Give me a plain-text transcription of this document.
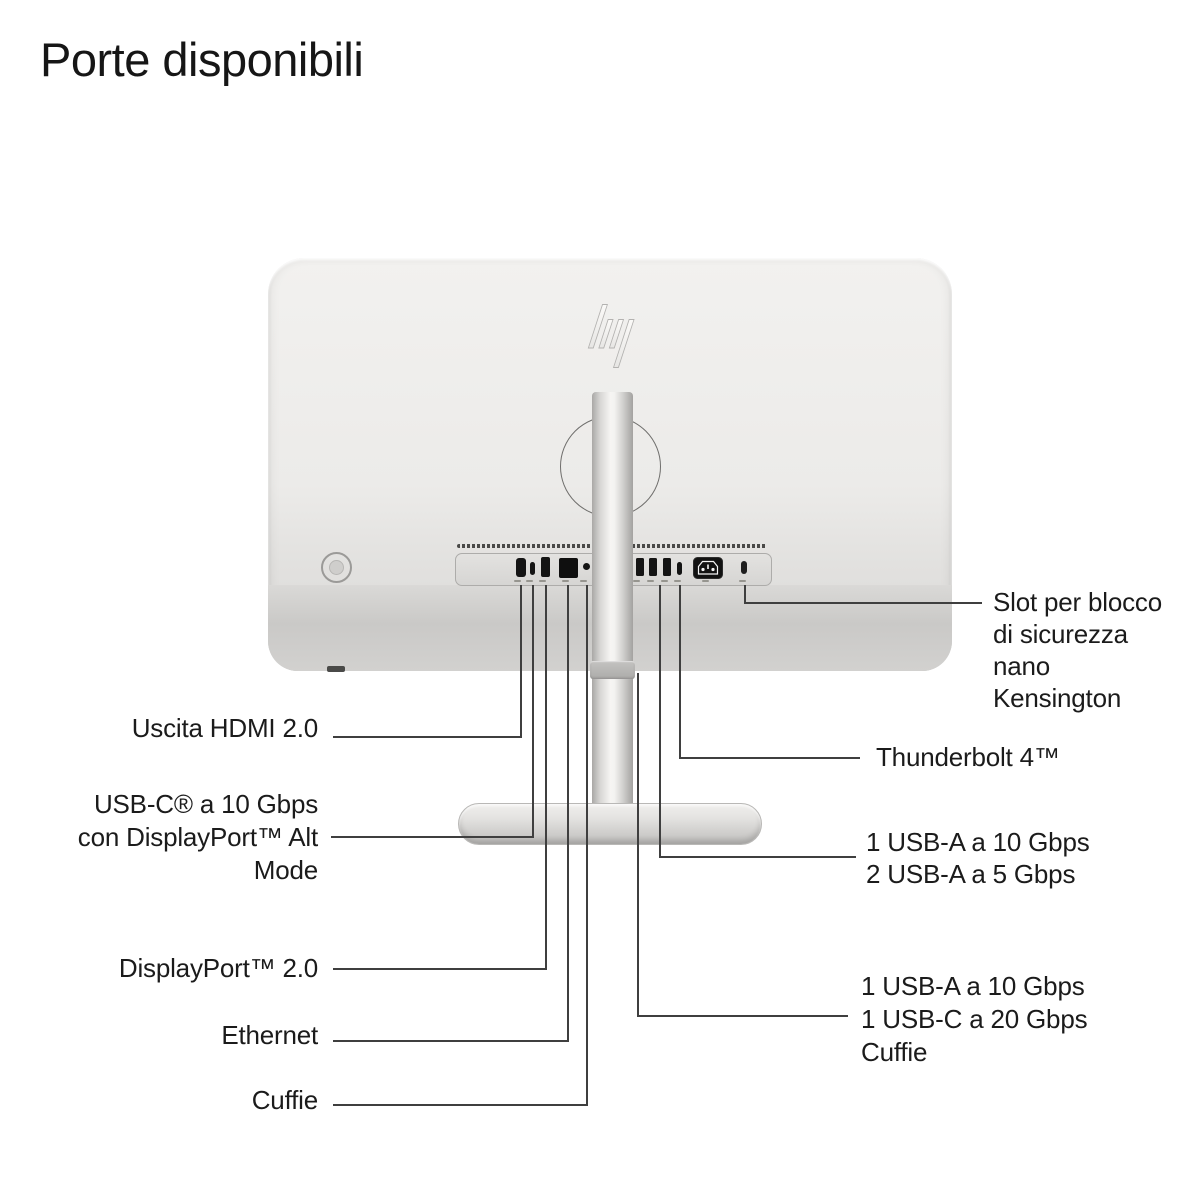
Porte disponibili
Uscita HDMI 2.0
USB-C® a 10 Gbps
con DisplayPort™ Alt
Mode
DisplayPort™ 2.0
Ethernet
Cuffie
Slot per blocco
di sicurezza
nano
Kensington
Thunderbolt 4™
1 USB-A a 10 Gbps
2 USB-A a 5 Gbps
1 USB-A a 10 Gbps
1 USB-C a 20 Gbps
Cuffie
